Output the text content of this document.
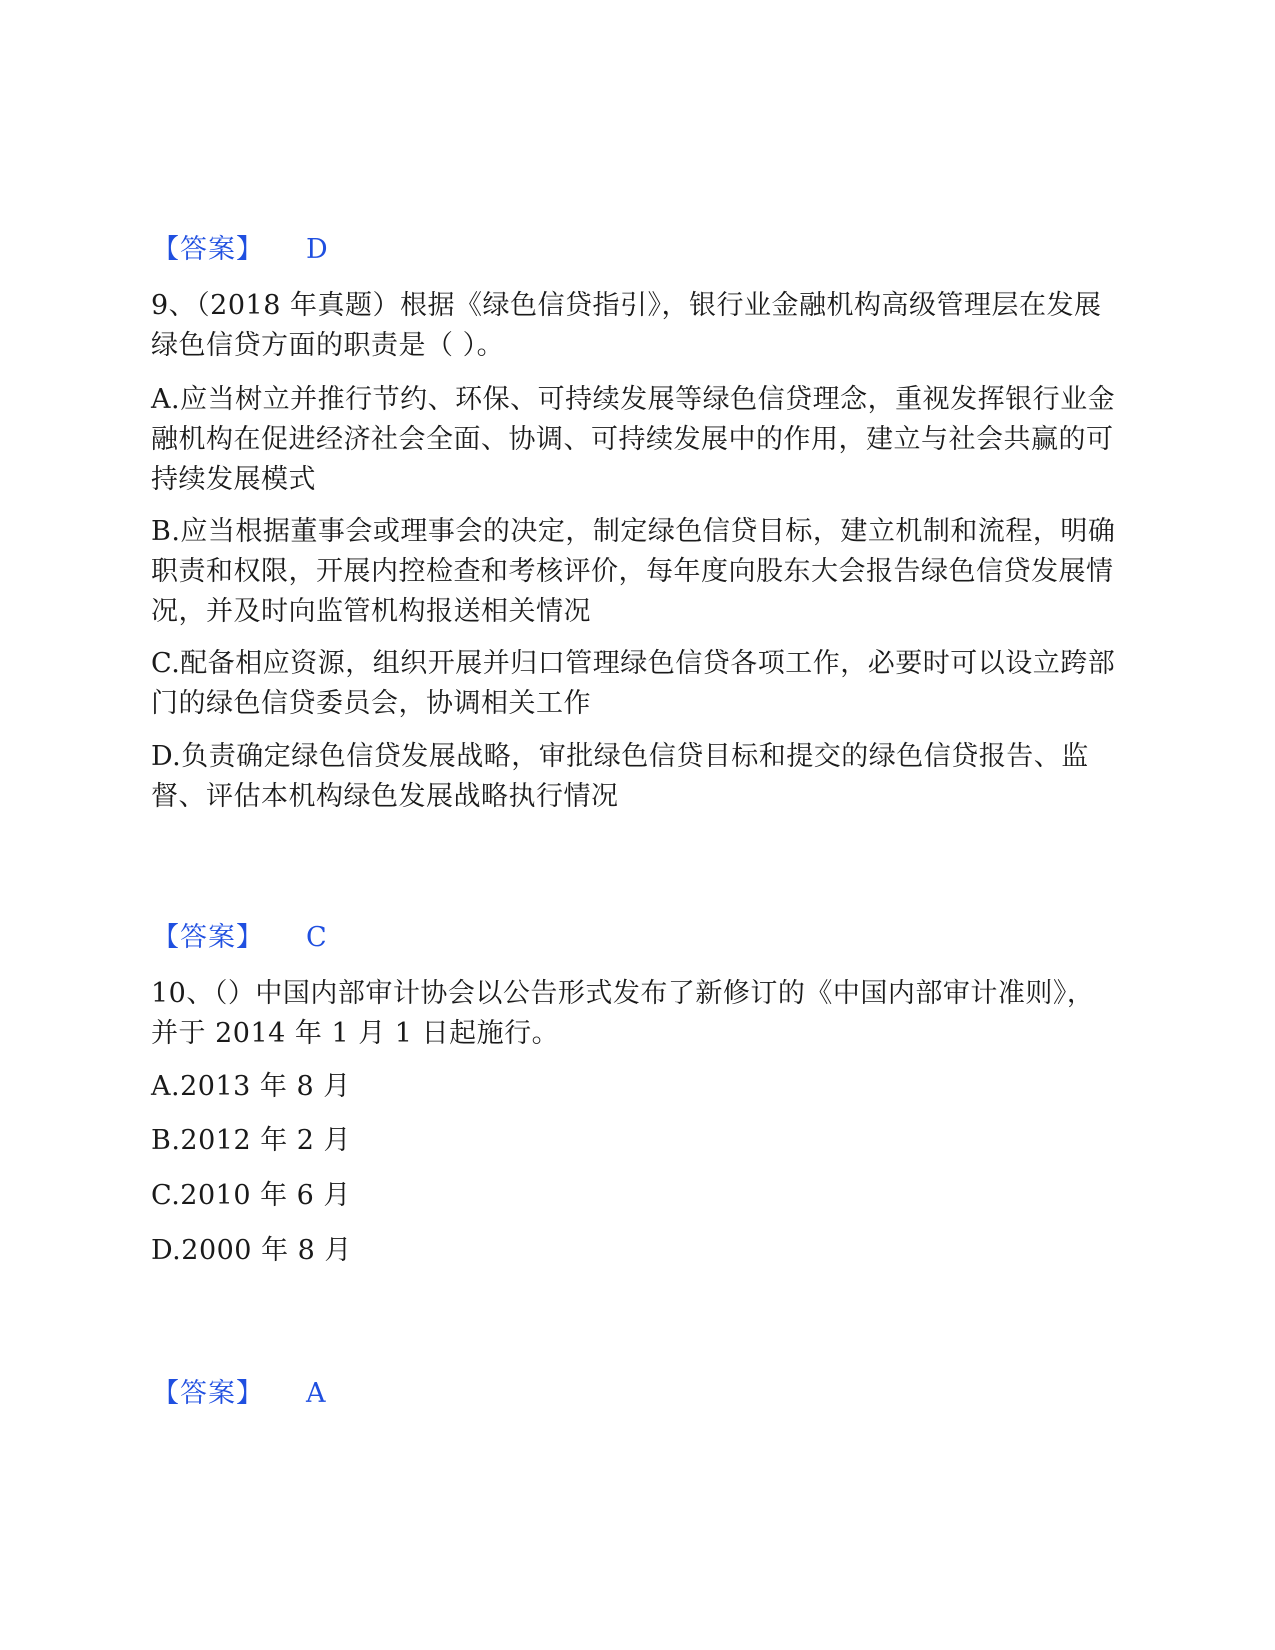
【答案】 D

9、（2018 年真题）根据《绿色信贷指引》，银行业金融机构高级管理层在发展绿色信贷方面的职责是（ ）。

A.应当树立并推行节约、环保、可持续发展等绿色信贷理念，重视发挥银行业金融机构在促进经济社会全面、协调、可持续发展中的作用，建立与社会共赢的可持续发展模式

B.应当根据董事会或理事会的决定，制定绿色信贷目标，建立机制和流程，明确职责和权限，开展内控检查和考核评价，每年度向股东大会报告绿色信贷发展情况，并及时向监管机构报送相关情况

C.配备相应资源，组织开展并归口管理绿色信贷各项工作，必要时可以设立跨部门的绿色信贷委员会，协调相关工作

D.负责确定绿色信贷发展战略，审批绿色信贷目标和提交的绿色信贷报告、监督、评估本机构绿色发展战略执行情况

【答案】 C

10、（）中国内部审计协会以公告形式发布了新修订的《中国内部审计准则》，并于 2014 年 1 月 1 日起施行。

A.2013 年 8 月

B.2012 年 2 月

C.2010 年 6 月

D.2000 年 8 月

【答案】 A
